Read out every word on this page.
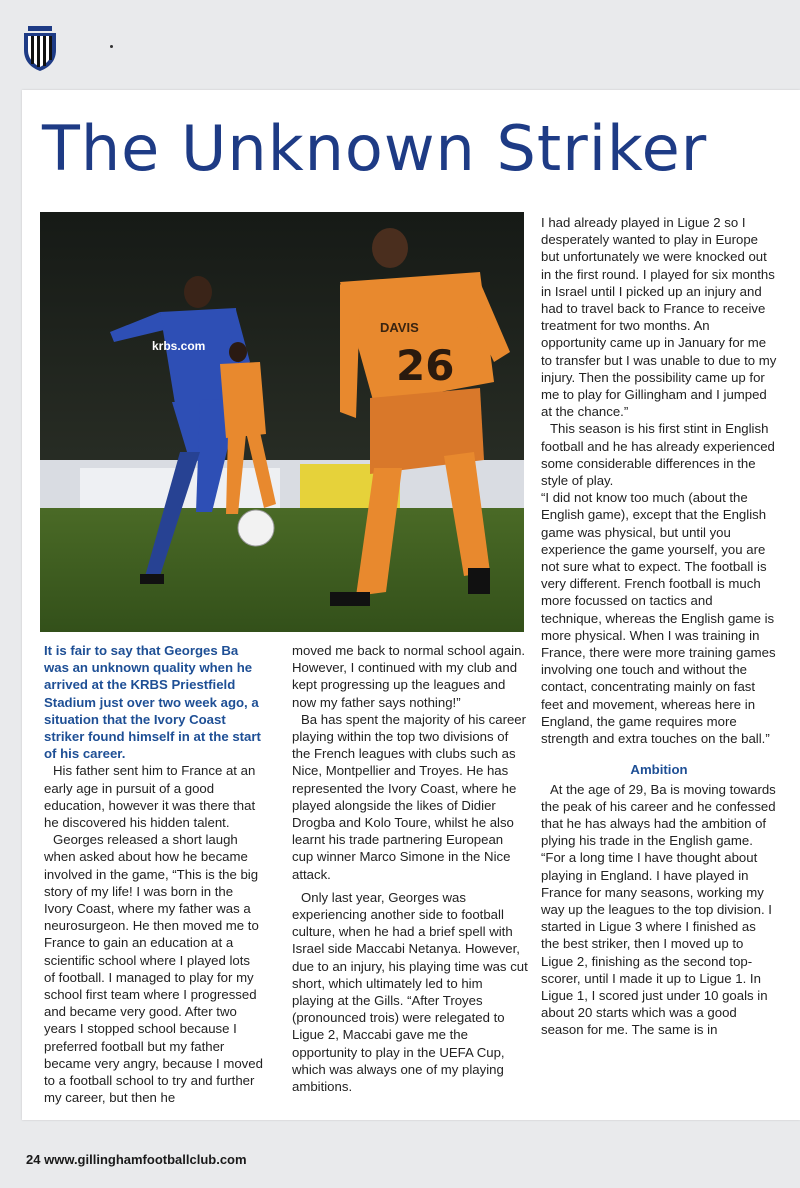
The Unknown Striker
krbs.com
DAVIS
26

It is fair to say that Georges Ba was an unknown quality when he arrived at the KRBS Priestfield Stadium just over two week ago, a situation that the Ivory Coast striker found himself in at the start of his career.

His father sent him to France at an early age in pursuit of a good education, however it was there that he discovered his hidden talent.

Georges released a short laugh when asked about how he became involved in the game, “This is the big story of my life! I was born in the Ivory Coast, where my father was a neurosurgeon. He then moved me to France to gain an education at a scientific school where I played lots of football. I managed to play for my school first team where I progressed and became very good. After two years I stopped school because I preferred football but my father became very angry, because I moved to a football school to try and further my career, but then he

moved me back to normal school again. However, I continued with my club and kept progressing up the leagues and now my father says nothing!”

Ba has spent the majority of his career playing within the top two divisions of the French leagues with clubs such as Nice, Montpellier and Troyes. He has represented the Ivory Coast, where he played alongside the likes of Didier Drogba and Kolo Toure, whilst he also learnt his trade partnering European cup winner Marco Simone in the Nice attack.

Only last year, Georges was experiencing another side to football culture, when he had a brief spell with Israel side Maccabi Netanya. However, due to an injury, his playing time was cut short, which ultimately led to him playing at the Gills. “After Troyes (pronounced trois) were relegated to Ligue 2, Maccabi gave me the opportunity to play in the UEFA Cup, which was always one of my playing ambitions.

I had already played in Ligue 2 so I desperately wanted to play in Europe but unfortunately we were knocked out in the first round. I played for six months in Israel until I picked up an injury and had to travel back to France to receive treatment for two months. An opportunity came up in January for me to transfer but I was unable to due to my injury. Then the possibility came up for me to play for Gillingham and I jumped at the chance.”

This season is his first stint in English football and he has already experienced some considerable differences in the style of play.

“I did not know too much (about the English game), except that the English game was physical, but until you experience the game yourself, you are not sure what to expect. The football is very different. French football is much more focussed on tactics and technique, whereas the English game is more physical. When I was training in France, there were more training games involving one touch and without the contact, concentrating mainly on fast feet and movement, whereas here in England, the game requires more strength and extra touches on the ball.”

Ambition

At the age of 29, Ba is moving towards the peak of his career and he confessed that he has always had the ambition of plying his trade in the English game. “For a long time I have thought about playing in England. I have played in France for many seasons, working my way up the leagues to the top division. I started in Ligue 3 where I finished as the best striker, then I moved up to Ligue 2, finishing as the second top-scorer, until I made it up to Ligue 1. In Ligue 1, I scored just under 10 goals in about 20 starts which was a good season for me. The same is in

24 www.gillinghamfootballclub.com
